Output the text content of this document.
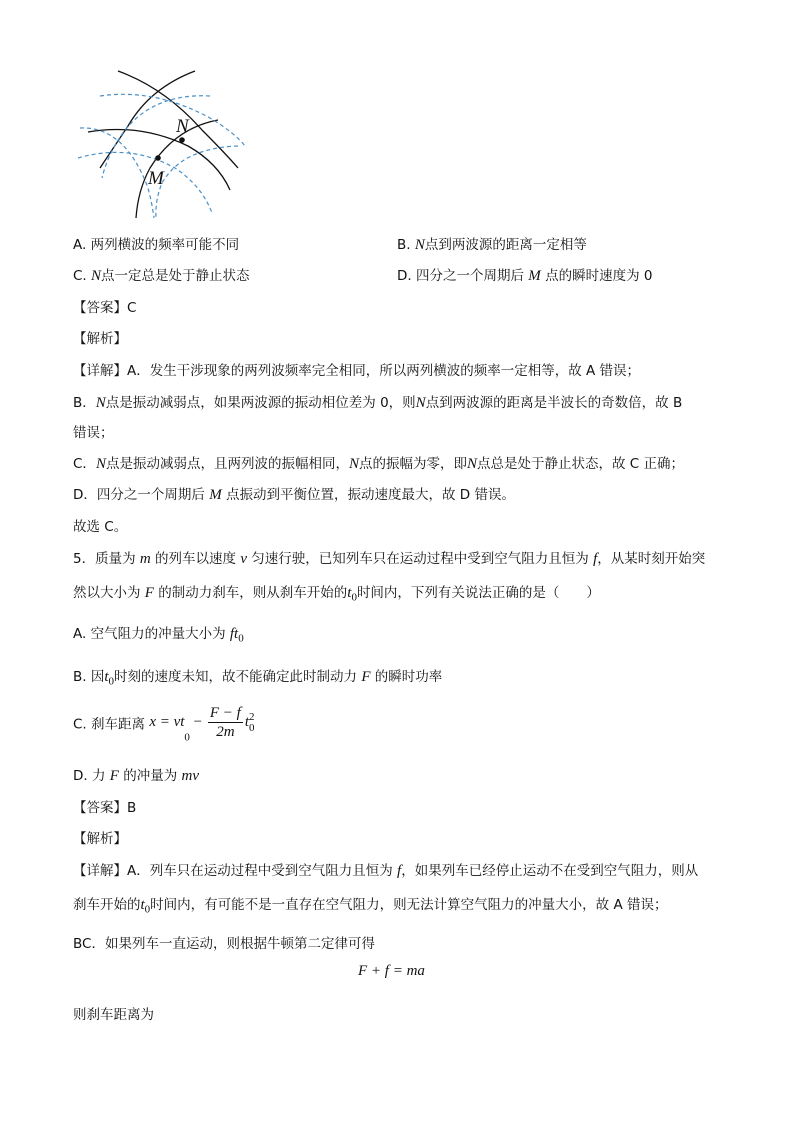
N
M
A. 两列横波的频率可能不同	B. N点到两波源的距离一定相等
C. N点一定总是处于静止状态	D. 四分之一个周期后 M 点的瞬时速度为 0
【答案】C
【解析】
【详解】A．发生干涉现象的两列波频率完全相同，所以两列横波的频率一定相等，故 A 错误；
B．N点是振动减弱点，如果两波源的振动相位差为 0，则N点到两波源的距离是半波长的奇数倍，故 B
错误；
C．N点是振动减弱点，且两列波的振幅相同，N点的振幅为零，即N点总是处于静止状态，故 C 正确；
D．四分之一个周期后 M 点振动到平衡位置，振动速度最大，故 D 错误。
故选 C。
5．质量为 m 的列车以速度 v 匀速行驶，已知列车只在运动过程中受到空气阻力且恒为 f，从某时刻开始突
然以大小为 F 的制动力刹车，则从刹车开始的$t_0$时间内，下列有关说法正确的是（　　）
A. 空气阻力的冲量大小为 $ft_0$
B. 因$t_0$时刻的速度未知，故不能确定此时制动力 F 的瞬时功率
C. 刹车距离 $x = vt_0 - \frac{F - f}{2m}$ t 2
0
D. 力 F 的冲量为 mv
【答案】B
【解析】
【详解】A．列车只在运动过程中受到空气阻力且恒为 f，如果列车已经停止运动不在受到空气阻力，则从
刹车开始的$t_0$时间内，有可能不是一直存在空气阻力，则无法计算空气阻力的冲量大小，故 A 错误；
BC．如果列车一直运动，则根据牛顿第二定律可得
F + f = ma
则刹车距离为
